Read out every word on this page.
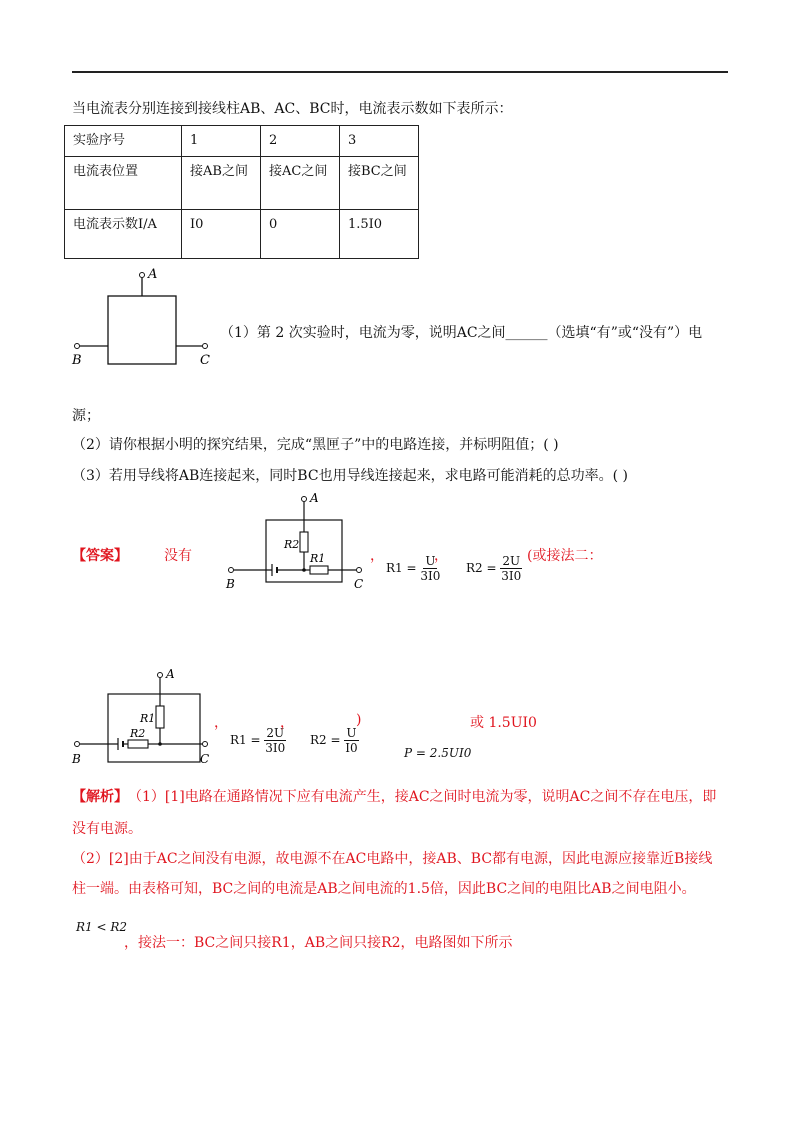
当电流表分别连接到接线柱AB、AC、BC时，电流表示数如下表所示：
实验序号	1	2	3
电流表位置	接AB之间	接AC之间	接BC之间
电流表示数I/A	I0	0	1.5I0
A
B	C
（1）第 2 次实验时，电流为零，说明AC之间______（选填“有”或“没有”）电
源；
（2）请你根据小明的探究结果，完成“黑匣子”中的电路连接，并标明阻值；( )
（3）若用导线将AB连接起来，同时BC也用导线连接起来，求电路可能消耗的总功率。( )
【答案】	没有
A
B	C
R2
R1	，
$R1 = \frac{U}{3I0}$
，
$R2 = \frac{2U}{3I0}$ (或接法二：
A
B	C
R1
R2
，
$R1 = \frac{2U}{3I0}$
，
$R2 = \frac{U}{I0}$
)	或 1.5UI0
P = 2.5UI0
【解析】 （1）[1]电路在通路情况下应有电流产生，接AC之间时电流为零，说明AC之间不存在电压，即
没有电源。
（2）[2]由于AC之间没有电源，故电源不在AC电路中，接AB、BC都有电源，因此电源应接靠近B接线
柱一端。由表格可知，BC之间的电流是AB之间电流的1.5倍，因此BC之间的电阻比AB之间电阻小。
R1 < R2
，接法一：BC之间只接R1，AB之间只接R2，电路图如下所示
